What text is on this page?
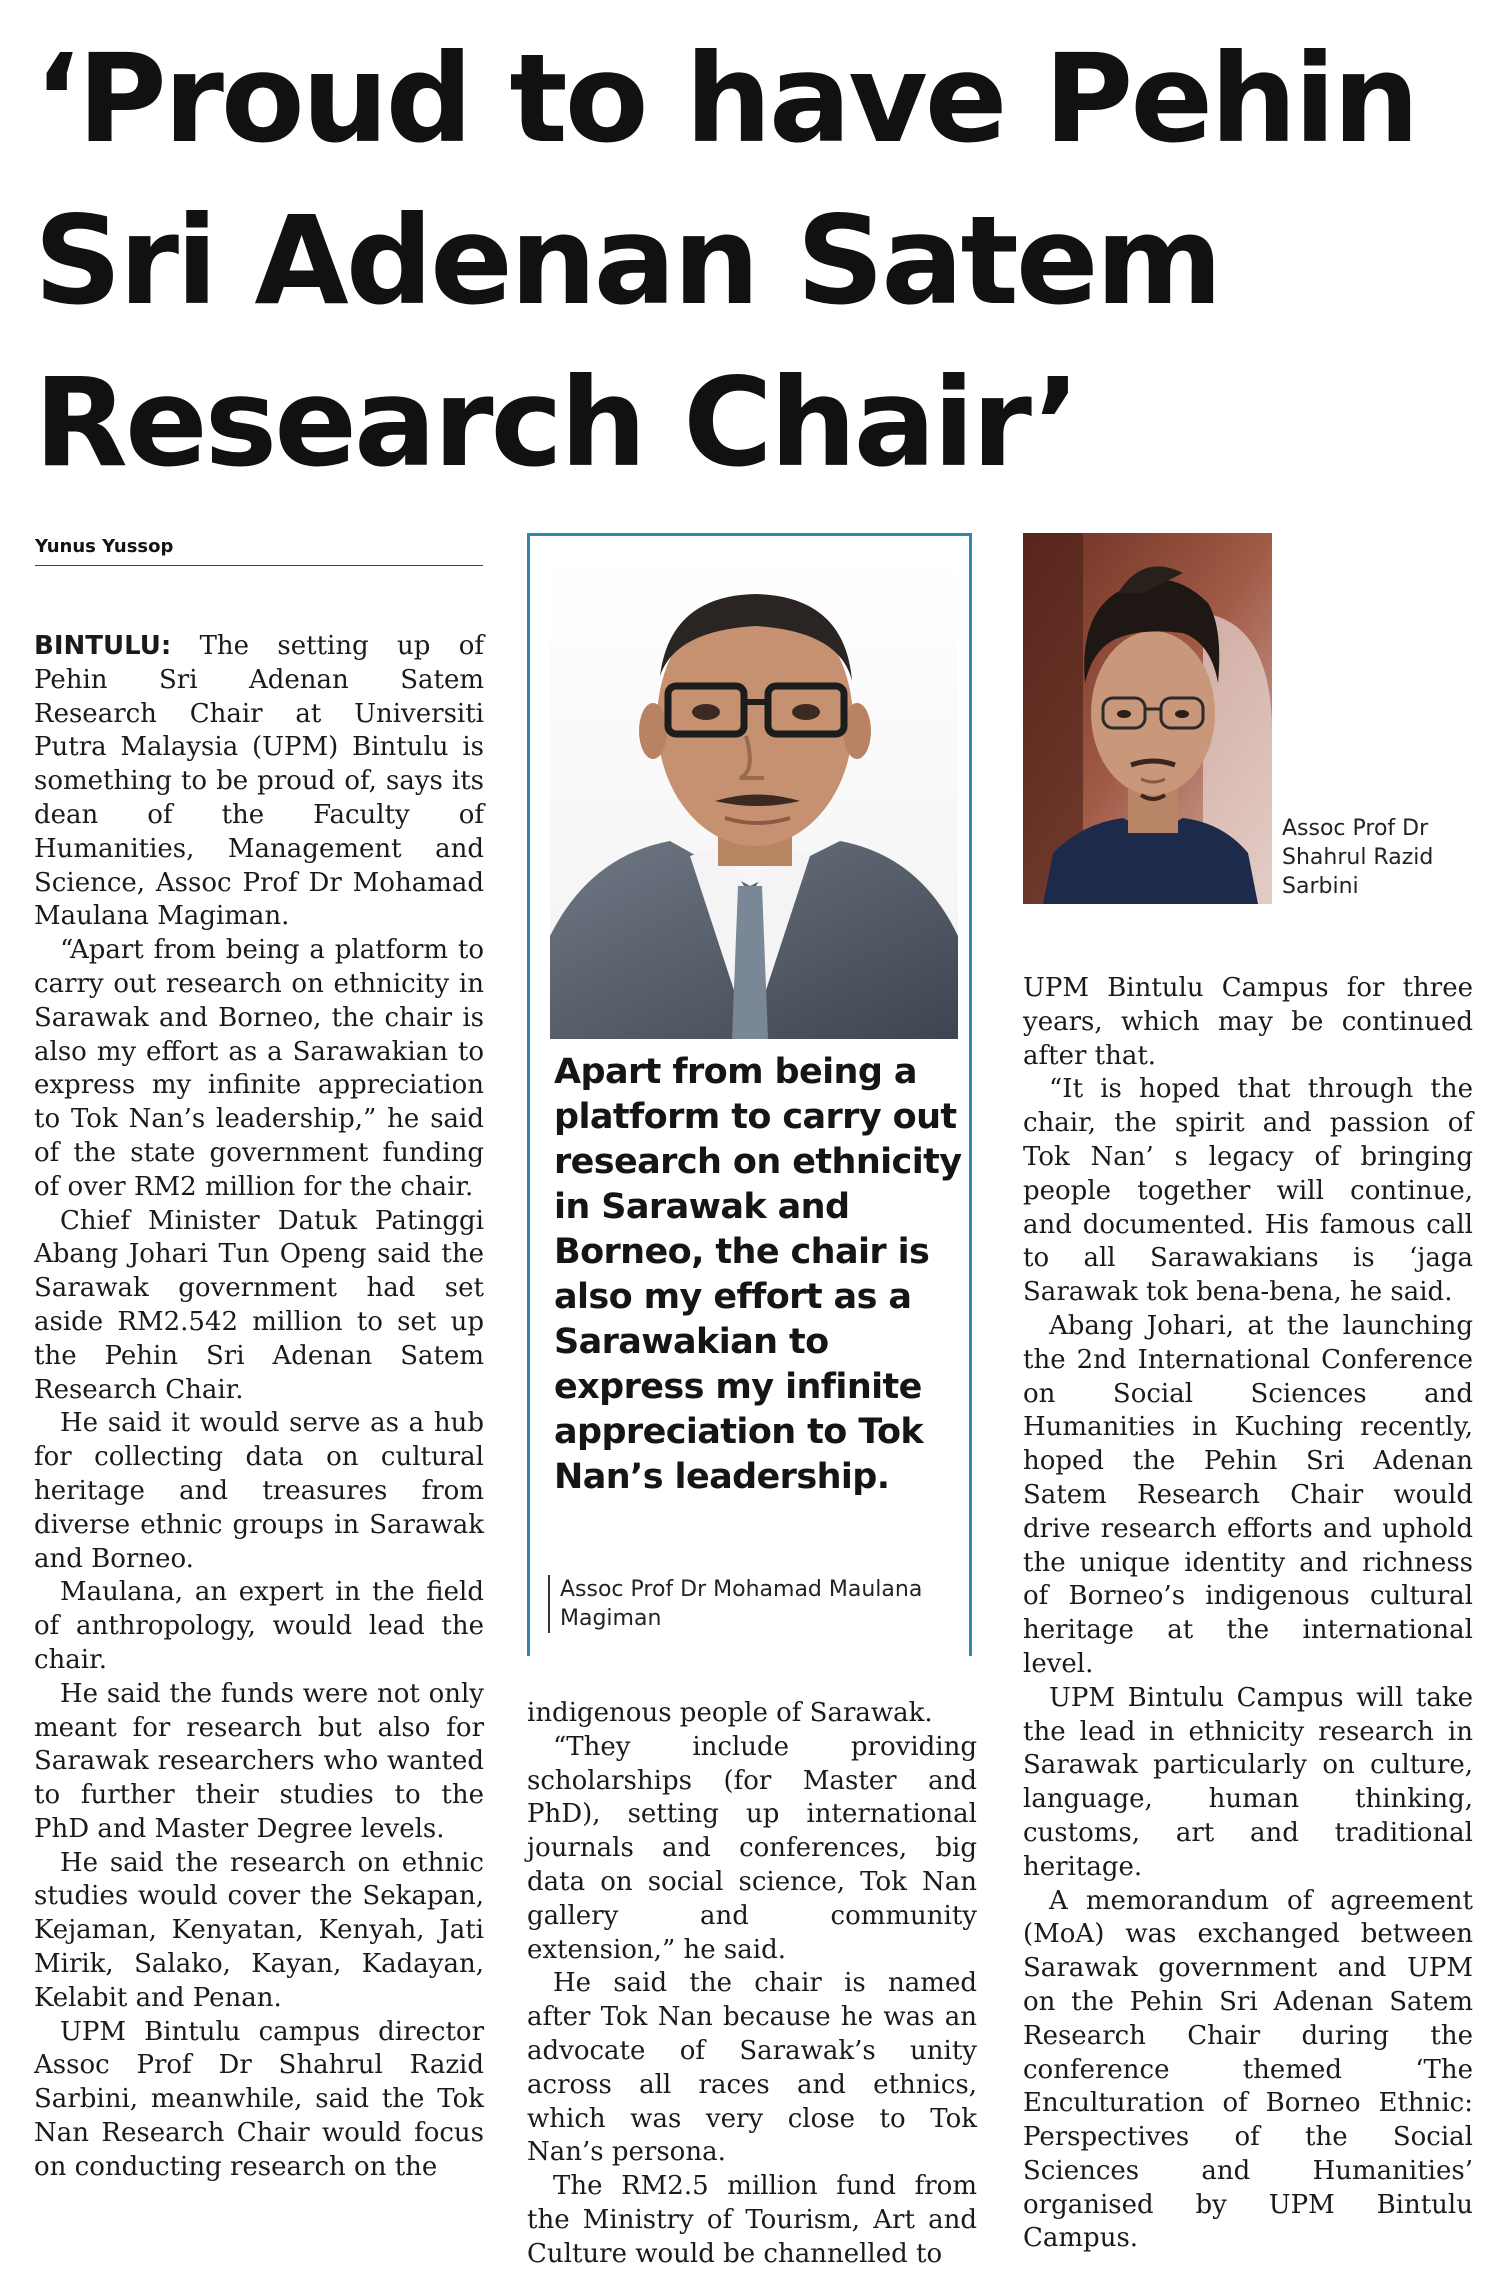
‘Proud to have Pehin
Sri Adenan Satem
Research Chair’
Yunus Yussop

BINTULU: The setting up of Pehin Sri Adenan Satem Research Chair at Universiti Putra Malaysia (UPM) Bintulu is something to be proud of, says its dean of the Faculty of Humanities, Management and Science, Assoc Prof Dr Mohamad Maulana Magiman.

“Apart from being a platform to carry out research on ethnicity in Sarawak and Borneo, the chair is also my effort as a Sarawakian to express my infinite appreciation to Tok Nan’s leadership,” he said of the state government funding of over RM2 million for the chair.

Chief Minister Datuk Patinggi Abang Johari Tun Openg said the Sarawak government had set aside RM2.542 million to set up the Pehin Sri Adenan Satem Research Chair.

He said it would serve as a hub for collecting data on cultural heritage and treasures from diverse ethnic groups in Sarawak and Borneo.

Maulana, an expert in the field of anthropology, would lead the chair.

He said the funds were not only meant for research but also for Sarawak researchers who wanted to further their studies to the PhD and Master Degree levels.

He said the research on ethnic studies would cover the Sekapan, Kejaman, Kenyatan, Kenyah, Jati Mirik, Salako, Kayan, Kadayan, Kelabit and Penan.

UPM Bintulu campus director Assoc Prof Dr Shahrul Razid Sarbini, meanwhile, said the Tok Nan Research Chair would focus on conducting research on the

Apart from being a platform to carry out research on ethnicity in Sarawak and Borneo, the chair is also my effort as a Sarawakian to express my infinite appreciation to Tok Nan’s leadership.

Assoc Prof Dr Mohamad Maulana Magiman

indigenous people of Sarawak.

“They include providing scholarships (for Master and PhD), setting up international journals and conferences, big data on social science, Tok Nan gallery and community extension,” he said.

He said the chair is named after Tok Nan because he was an advocate of Sarawak’s unity across all races and ethnics, which was very close to Tok Nan’s persona.

The RM2.5 million fund from the Ministry of Tourism, Art and Culture would be channelled to

Assoc Prof Dr Shahrul Razid Sarbini

UPM Bintulu Campus for three years, which may be continued after that.

“It is hoped that through the chair, the spirit and passion of Tok Nan’ s legacy of bringing people together will continue, and documented. His famous call to all Sarawakians is ‘jaga Sarawak tok bena-bena, he said.

Abang Johari, at the launching the 2nd International Conference on Social Sciences and Humanities in Kuching recently, hoped the Pehin Sri Adenan Satem Research Chair would drive research efforts and uphold the unique identity and richness of Borneo’s indigenous cultural heritage at the international level.

UPM Bintulu Campus will take the lead in ethnicity research in Sarawak particularly on culture, language, human thinking, customs, art and traditional heritage.

A memorandum of agreement (MoA) was exchanged between Sarawak government and UPM on the Pehin Sri Adenan Satem Research Chair during the conference themed ‘The Enculturation of Borneo Ethnic: Perspectives of the Social Sciences and Humanities’ organised by UPM Bintulu Campus.
